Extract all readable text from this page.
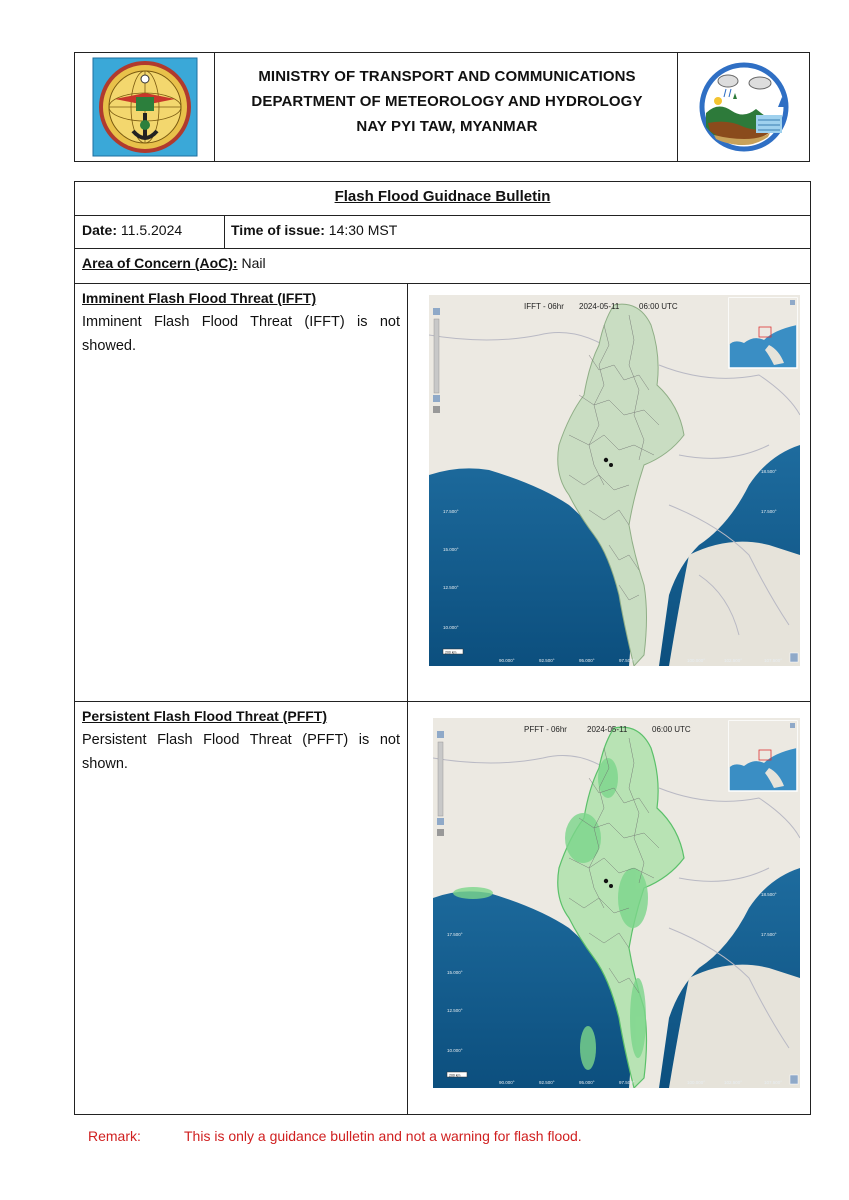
MINISTRY OF TRANSPORT AND COMMUNICATIONS
DEPARTMENT OF METEOROLOGY AND HYDROLOGY
NAY PYI TAW, MYANMAR
Flash Flood Guidnace Bulletin
Date: 11.5.2024	Time of issue: 14:30 MST
Area of Concern (AoC): Nail
Imminent Flash Flood Threat (IFFT)
Imminent Flash Flood Threat (IFFT) is not showed.
Persistent Flash Flood Threat (PFFT)
Persistent Flash Flood Threat (PFFT) is not shown.
IFFT - 06hr 2024-05-11 06:00 UTC
17.500°
15.000°
12.500°
10.000°
18.500°
17.500°
90.000°	92.500°	95.000°	97.500°	100.000°	102.500°	107.500°
200 km
PFFT - 06hr	2024-05-11	06:00 UTC
17.500°
15.000°
12.500°
10.000°
18.500°
17.500°
90.000°	92.500°	95.000°	97.500°	100.000°	102.500°	107.500°
200 km
Remark:	This is only a guidance bulletin and not a warning for flash flood.
